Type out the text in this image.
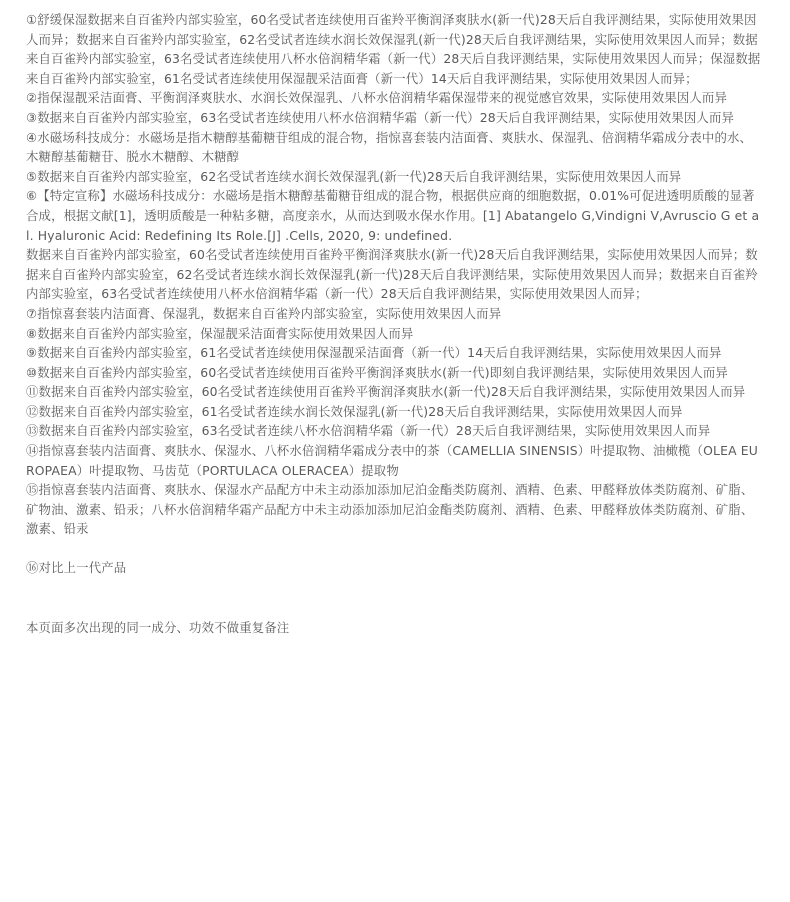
①舒缓保湿数据来自百雀羚内部实验室，60名受试者连续使用百雀羚平衡润泽爽肤水(新一代)28天后自我评测结果，实际使用效果因人而异；数据来自百雀羚内部实验室，62名受试者连续水润长效保湿乳(新一代)28天后自我评测结果，实际使用效果因人而异；数据来自百雀羚内部实验室，63名受试者连续使用八杯水倍润精华霜（新一代）28天后自我评测结果，实际使用效果因人而异；保湿数据来自百雀羚内部实验室，61名受试者连续使用保湿靓采洁面膏（新一代）14天后自我评测结果，实际使用效果因人而异；

②指保湿靓采洁面膏、平衡润泽爽肤水、水润长效保湿乳、八杯水倍润精华霜保湿带来的视觉感官效果，实际使用效果因人而异

③数据来自百雀羚内部实验室，63名受试者连续使用八杯水倍润精华霜（新一代）28天后自我评测结果，实际使用效果因人而异

④水磁场科技成分：水磁场是指木糖醇基葡糖苷组成的混合物，指惊喜套装内洁面膏、爽肤水、保湿乳、倍润精华霜成分表中的水、木糖醇基葡糖苷、脱水木糖醇、木糖醇

⑤数据来自百雀羚内部实验室，62名受试者连续水润长效保湿乳(新一代)28天后自我评测结果，实际使用效果因人而异

⑥【特定宣称】水磁场科技成分：水磁场是指木糖醇基葡糖苷组成的混合物，根据供应商的细胞数据，0.01%可促进透明质酸的显著合成，根据文献[1]，透明质酸是一种粘多糖，高度亲水，从而达到吸水保水作用。[1] Abatangelo G,Vindigni V,Avruscio G et al. Hyaluronic Acid: Redefining Its Role.[J] .Cells, 2020, 9: undefined.

数据来自百雀羚内部实验室，60名受试者连续使用百雀羚平衡润泽爽肤水(新一代)28天后自我评测结果，实际使用效果因人而异；数据来自百雀羚内部实验室，62名受试者连续水润长效保湿乳(新一代)28天后自我评测结果，实际使用效果因人而异；数据来自百雀羚内部实验室，63名受试者连续使用八杯水倍润精华霜（新一代）28天后自我评测结果，实际使用效果因人而异；

⑦指惊喜套装内洁面膏、保湿乳，数据来自百雀羚内部实验室，实际使用效果因人而异

⑧数据来自百雀羚内部实验室，保湿靓采洁面膏实际使用效果因人而异

⑨数据来自百雀羚内部实验室，61名受试者连续使用保湿靓采洁面膏（新一代）14天后自我评测结果，实际使用效果因人而异

⑩数据来自百雀羚内部实验室，60名受试者连续使用百雀羚平衡润泽爽肤水(新一代)即刻自我评测结果，实际使用效果因人而异

⑪数据来自百雀羚内部实验室，60名受试者连续使用百雀羚平衡润泽爽肤水(新一代)28天后自我评测结果，实际使用效果因人而异

⑫数据来自百雀羚内部实验室，61名受试者连续水润长效保湿乳(新一代)28天后自我评测结果，实际使用效果因人而异

⑬数据来自百雀羚内部实验室，63名受试者连续八杯水倍润精华霜（新一代）28天后自我评测结果，实际使用效果因人而异

⑭指惊喜套装内洁面膏、爽肤水、保湿水、八杯水倍润精华霜成分表中的茶（CAMELLIA SINENSIS）叶提取物、油橄榄（OLEA EUROPAEA）叶提取物、马齿苋（PORTULACA OLERACEA）提取物

⑮指惊喜套装内洁面膏、爽肤水、保湿水产品配方中未主动添加添加尼泊金酯类防腐剂、酒精、色素、甲醛释放体类防腐剂、矿脂、矿物油、激素、铅汞；八杯水倍润精华霜产品配方中未主动添加添加尼泊金酯类防腐剂、酒精、色素、甲醛释放体类防腐剂、矿脂、激素、铅汞

⑯对比上一代产品

本页面多次出现的同一成分、功效不做重复备注
